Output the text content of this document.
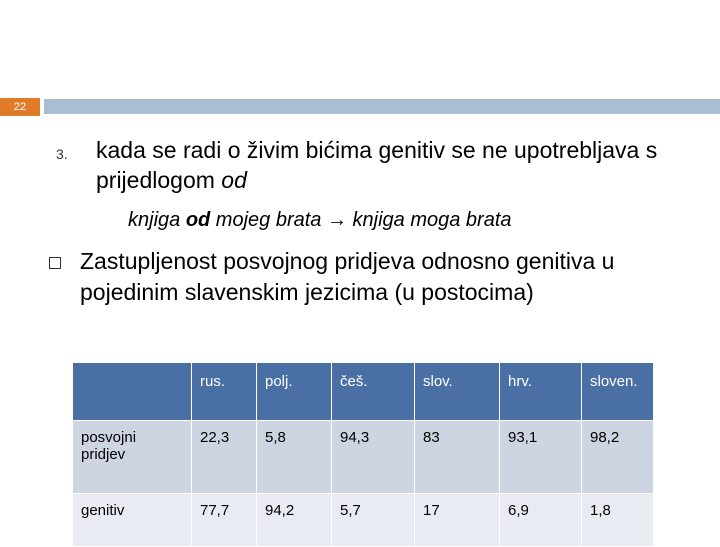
22
3. kada se radi o živim bićima genitiv se ne upotrebljava s prijedlogom od
knjiga od mojeg brata → knjiga moga brata
Zastupljenost posvojnog pridjeva odnosno genitiva u pojedinim slavenskim jezicima (u postocima)
	rus.	polj.	češ.	slov.	hrv.	sloven.
posvojni pridjev	22,3	5,8	94,3	83	93,1	98,2
genitiv	77,7	94,2	5,7	17	6,9	1,8
